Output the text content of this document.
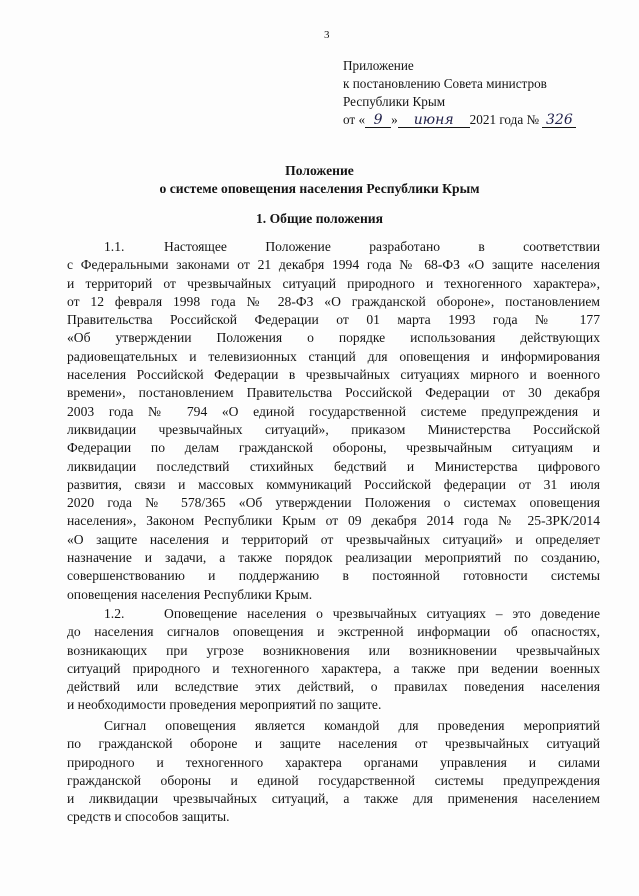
3
Приложение
к постановлению Совета министров
Республики Крым
от « 9 » июня 2021 года № 326
Положение
о системе оповещения населения Республики Крым
1. Общие положения
1.1.	Настоящее Положение разработано в соответствии
с Федеральными законами от 21 декабря 1994 года № 68-ФЗ «О защите населения
и территорий от чрезвычайных ситуаций природного и техногенного характера»,
от 12 февраля 1998 года № 28-ФЗ «О гражданской обороне», постановлением
Правительства Российской Федерации от 01 марта 1993 года № 177
«Об утверждении Положения о порядке использования действующих
радиовещательных и телевизионных станций для оповещения и информирования
населения Российской Федерации в чрезвычайных ситуациях мирного и военного
времени», постановлением Правительства Российской Федерации от 30 декабря
2003 года № 794 «О единой государственной системе предупреждения и
ликвидации чрезвычайных ситуаций», приказом Министерства Российской
Федерации по делам гражданской обороны, чрезвычайным ситуациям и
ликвидации последствий стихийных бедствий и Министерства цифрового
развития, связи и массовых коммуникаций Российской федерации от 31 июля
2020 года № 578/365 «Об утверждении Положения о системах оповещения
населения», Законом Республики Крым от 09 декабря 2014 года № 25-ЗРК/2014
«О защите населения и территорий от чрезвычайных ситуаций» и определяет
назначение и задачи, а также порядок реализации мероприятий по созданию,
совершенствованию и поддержанию в постоянной готовности системы
оповещения населения Республики Крым.
1.2.	Оповещение населения о чрезвычайных ситуациях – это доведение
до населения сигналов оповещения и экстренной информации об опасностях,
возникающих при угрозе возникновения или возникновении чрезвычайных
ситуаций природного и техногенного характера, а также при ведении военных
действий или вследствие этих действий, о правилах поведения населения
и необходимости проведения мероприятий по защите.
Сигнал оповещения является командой для проведения мероприятий
по гражданской обороне и защите населения от чрезвычайных ситуаций
природного и техногенного характера органами управления и силами
гражданской обороны и единой государственной системы предупреждения
и ликвидации чрезвычайных ситуаций, а также для применения населением
средств и способов защиты.
